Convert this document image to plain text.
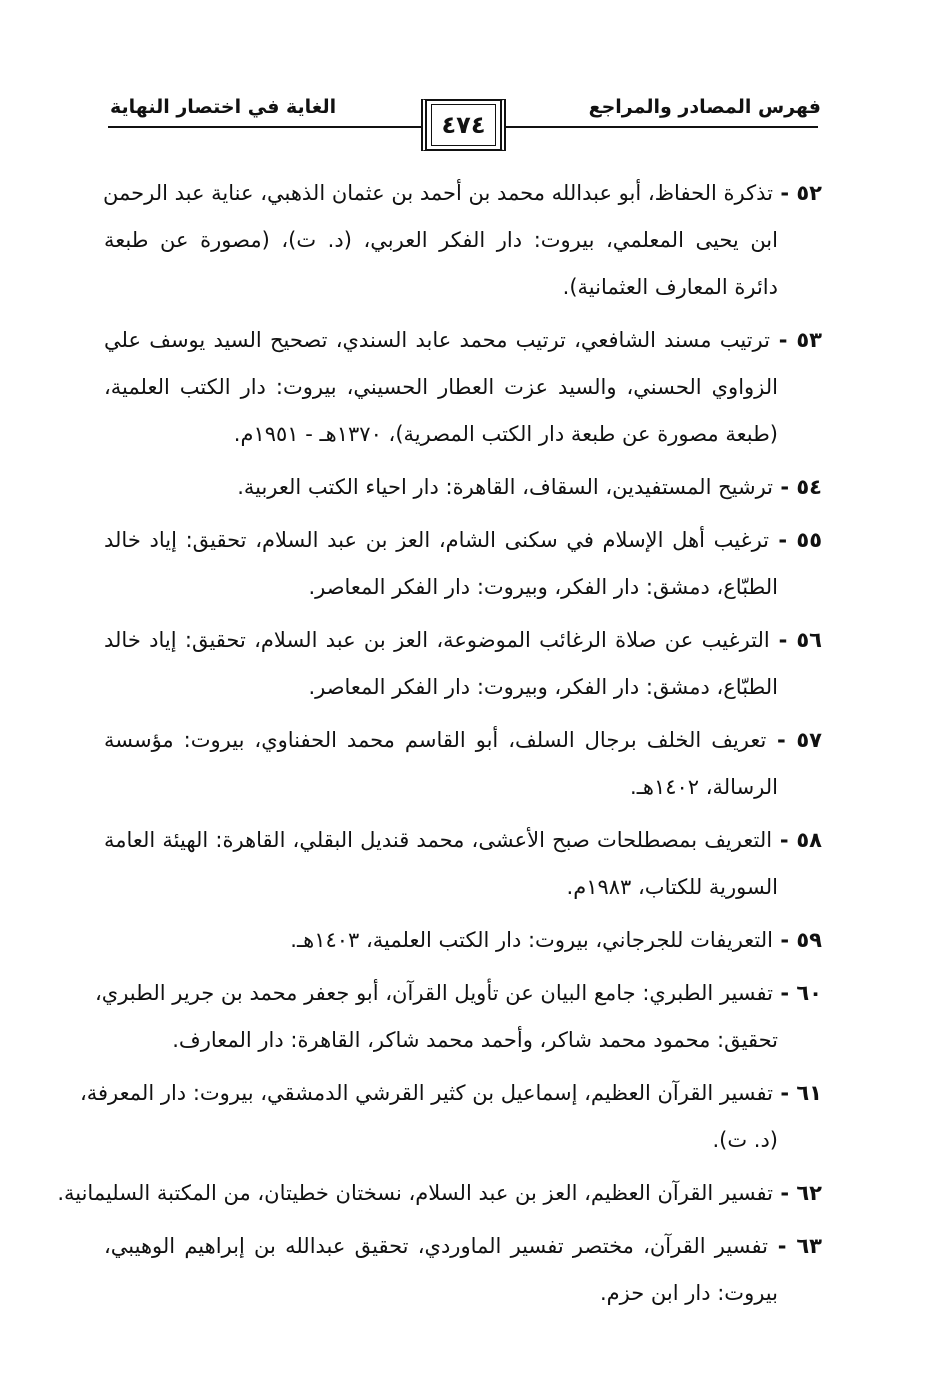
فهرس المصادر والمراجع
الغاية في اختصار النهاية
٤٧٤
٥٢ - تذكرة الحفاظ، أبو عبدالله محمد بن أحمد بن عثمان الذهبي، عناية عبد الرحمن
ابن يحيى المعلمي، بيروت: دار الفكر العربي، (د. ت)، (مصورة عن طبعة
دائرة المعارف العثمانية).
٥٣ - ترتيب مسند الشافعي، ترتيب محمد عابد السندي، تصحيح السيد يوسف علي
الزواوي الحسني، والسيد عزت العطار الحسيني، بيروت: دار الكتب العلمية،
(طبعة مصورة عن طبعة دار الكتب المصرية)، ١٣٧٠هـ - ١٩٥١م.
٥٤ - ترشيح المستفيدين، السقاف، القاهرة: دار احياء الكتب العربية.
٥٥ - ترغيب أهل الإسلام في سكنى الشام، العز بن عبد السلام، تحقيق: إياد خالد
الطبّاع، دمشق: دار الفكر، وبيروت: دار الفكر المعاصر.
٥٦ - الترغيب عن صلاة الرغائب الموضوعة، العز بن عبد السلام، تحقيق: إياد خالد
الطبّاع، دمشق: دار الفكر، وبيروت: دار الفكر المعاصر.
٥٧ - تعريف الخلف برجال السلف، أبو القاسم محمد الحفناوي، بيروت: مؤسسة
الرسالة، ١٤٠٢هـ.
٥٨ - التعريف بمصطلحات صبح الأعشى، محمد قنديل البقلي، القاهرة: الهيئة العامة
السورية للكتاب، ١٩٨٣م.
٥٩ - التعريفات للجرجاني، بيروت: دار الكتب العلمية، ١٤٠٣هـ.
٦٠ - تفسير الطبري: جامع البيان عن تأويل القرآن، أبو جعفر محمد بن جرير الطبري،
تحقيق: محمود محمد شاكر، وأحمد محمد شاكر، القاهرة: دار المعارف.
٦١ - تفسير القرآن العظيم، إسماعيل بن كثير القرشي الدمشقي، بيروت: دار المعرفة،
(د. ت).
٦٢ - تفسير القرآن العظيم، العز بن عبد السلام، نسختان خطيتان، من المكتبة السليمانية.
٦٣ - تفسير القرآن، مختصر تفسير الماوردي، تحقيق عبدالله بن إبراهيم الوهيبي،
بيروت: دار ابن حزم.
